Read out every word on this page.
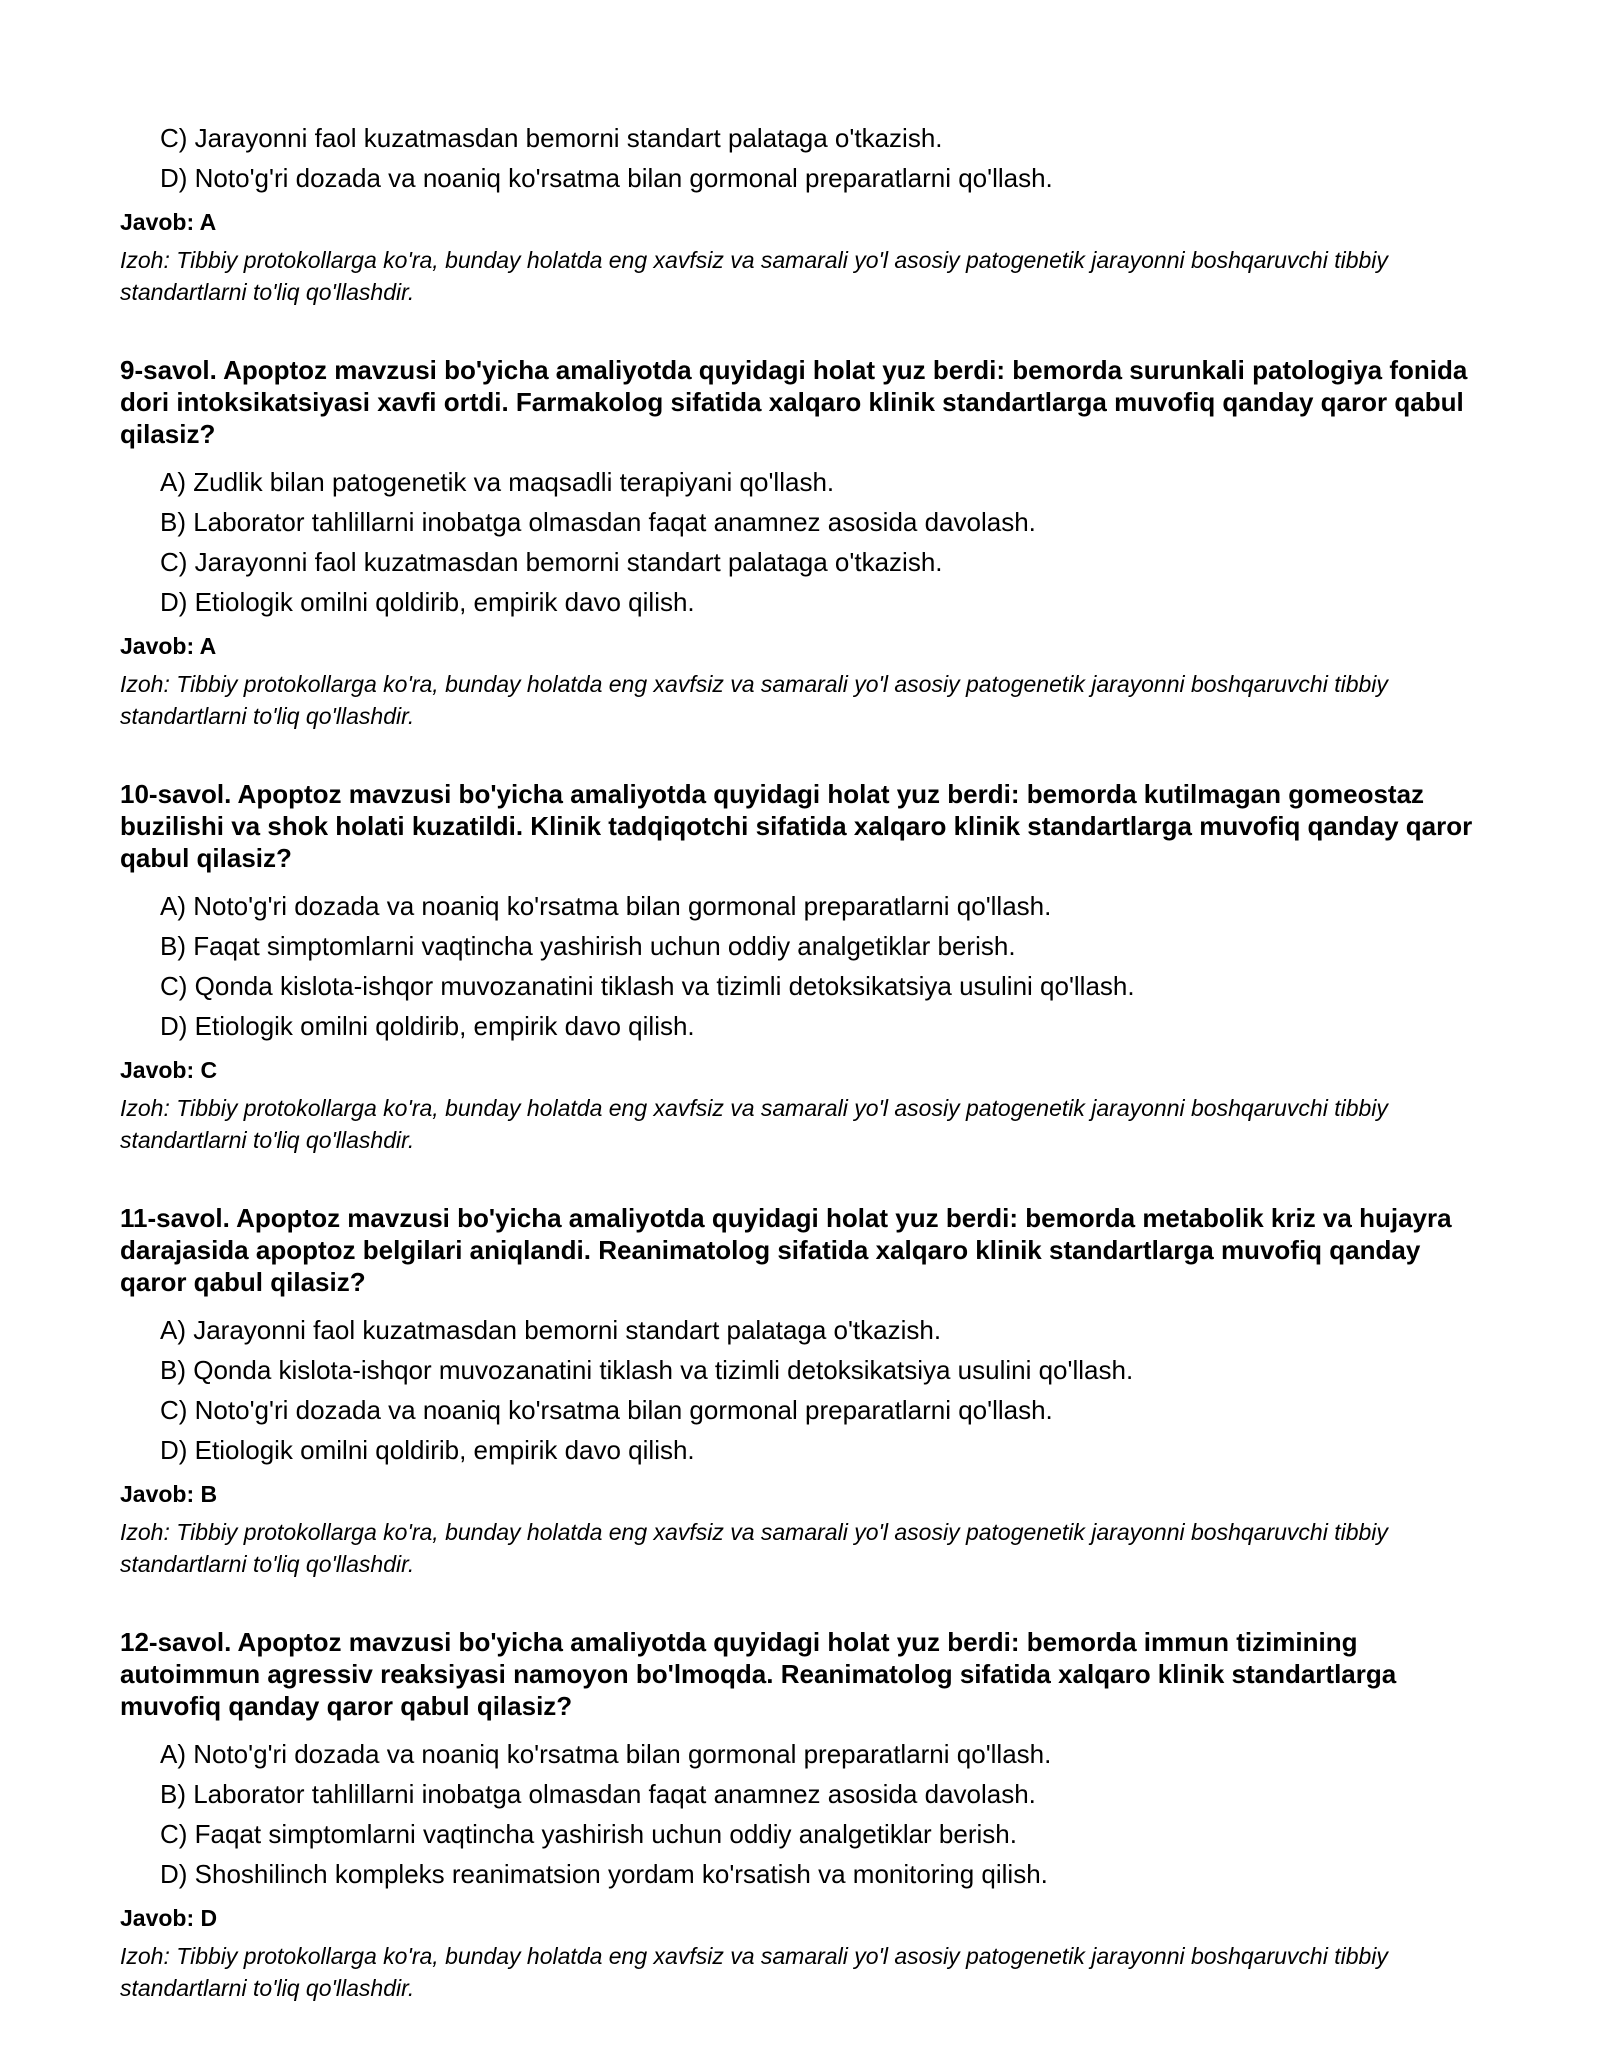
C) Jarayonni faol kuzatmasdan bemorni standart palataga o'tkazish.
D) Noto'g'ri dozada va noaniq ko'rsatma bilan gormonal preparatlarni qo'llash.
Javob: A
Izoh: Tibbiy protokollarga ko'ra, bunday holatda eng xavfsiz va samarali yo'l asosiy patogenetik jarayonni boshqaruvchi tibbiy standartlarni to'liq qo'llashdir.
9-savol. Apoptoz mavzusi bo'yicha amaliyotda quyidagi holat yuz berdi: bemorda surunkali patologiya fonida dori intoksikatsiyasi xavfi ortdi. Farmakolog sifatida xalqaro klinik standartlarga muvofiq qanday qaror qabul qilasiz?
A) Zudlik bilan patogenetik va maqsadli terapiyani qo'llash.
B) Laborator tahlillarni inobatga olmasdan faqat anamnez asosida davolash.
C) Jarayonni faol kuzatmasdan bemorni standart palataga o'tkazish.
D) Etiologik omilni qoldirib, empirik davo qilish.
Javob: A
Izoh: Tibbiy protokollarga ko'ra, bunday holatda eng xavfsiz va samarali yo'l asosiy patogenetik jarayonni boshqaruvchi tibbiy standartlarni to'liq qo'llashdir.
10-savol. Apoptoz mavzusi bo'yicha amaliyotda quyidagi holat yuz berdi: bemorda kutilmagan gomeostaz buzilishi va shok holati kuzatildi. Klinik tadqiqotchi sifatida xalqaro klinik standartlarga muvofiq qanday qaror qabul qilasiz?
A) Noto'g'ri dozada va noaniq ko'rsatma bilan gormonal preparatlarni qo'llash.
B) Faqat simptomlarni vaqtincha yashirish uchun oddiy analgetiklar berish.
C) Qonda kislota-ishqor muvozanatini tiklash va tizimli detoksikatsiya usulini qo'llash.
D) Etiologik omilni qoldirib, empirik davo qilish.
Javob: C
Izoh: Tibbiy protokollarga ko'ra, bunday holatda eng xavfsiz va samarali yo'l asosiy patogenetik jarayonni boshqaruvchi tibbiy standartlarni to'liq qo'llashdir.
11-savol. Apoptoz mavzusi bo'yicha amaliyotda quyidagi holat yuz berdi: bemorda metabolik kriz va hujayra darajasida apoptoz belgilari aniqlandi. Reanimatolog sifatida xalqaro klinik standartlarga muvofiq qanday qaror qabul qilasiz?
A) Jarayonni faol kuzatmasdan bemorni standart palataga o'tkazish.
B) Qonda kislota-ishqor muvozanatini tiklash va tizimli detoksikatsiya usulini qo'llash.
C) Noto'g'ri dozada va noaniq ko'rsatma bilan gormonal preparatlarni qo'llash.
D) Etiologik omilni qoldirib, empirik davo qilish.
Javob: B
Izoh: Tibbiy protokollarga ko'ra, bunday holatda eng xavfsiz va samarali yo'l asosiy patogenetik jarayonni boshqaruvchi tibbiy standartlarni to'liq qo'llashdir.
12-savol. Apoptoz mavzusi bo'yicha amaliyotda quyidagi holat yuz berdi: bemorda immun tizimining autoimmun agressiv reaksiyasi namoyon bo'lmoqda. Reanimatolog sifatida xalqaro klinik standartlarga muvofiq qanday qaror qabul qilasiz?
A) Noto'g'ri dozada va noaniq ko'rsatma bilan gormonal preparatlarni qo'llash.
B) Laborator tahlillarni inobatga olmasdan faqat anamnez asosida davolash.
C) Faqat simptomlarni vaqtincha yashirish uchun oddiy analgetiklar berish.
D) Shoshilinch kompleks reanimatsion yordam ko'rsatish va monitoring qilish.
Javob: D
Izoh: Tibbiy protokollarga ko'ra, bunday holatda eng xavfsiz va samarali yo'l asosiy patogenetik jarayonni boshqaruvchi tibbiy standartlarni to'liq qo'llashdir.
